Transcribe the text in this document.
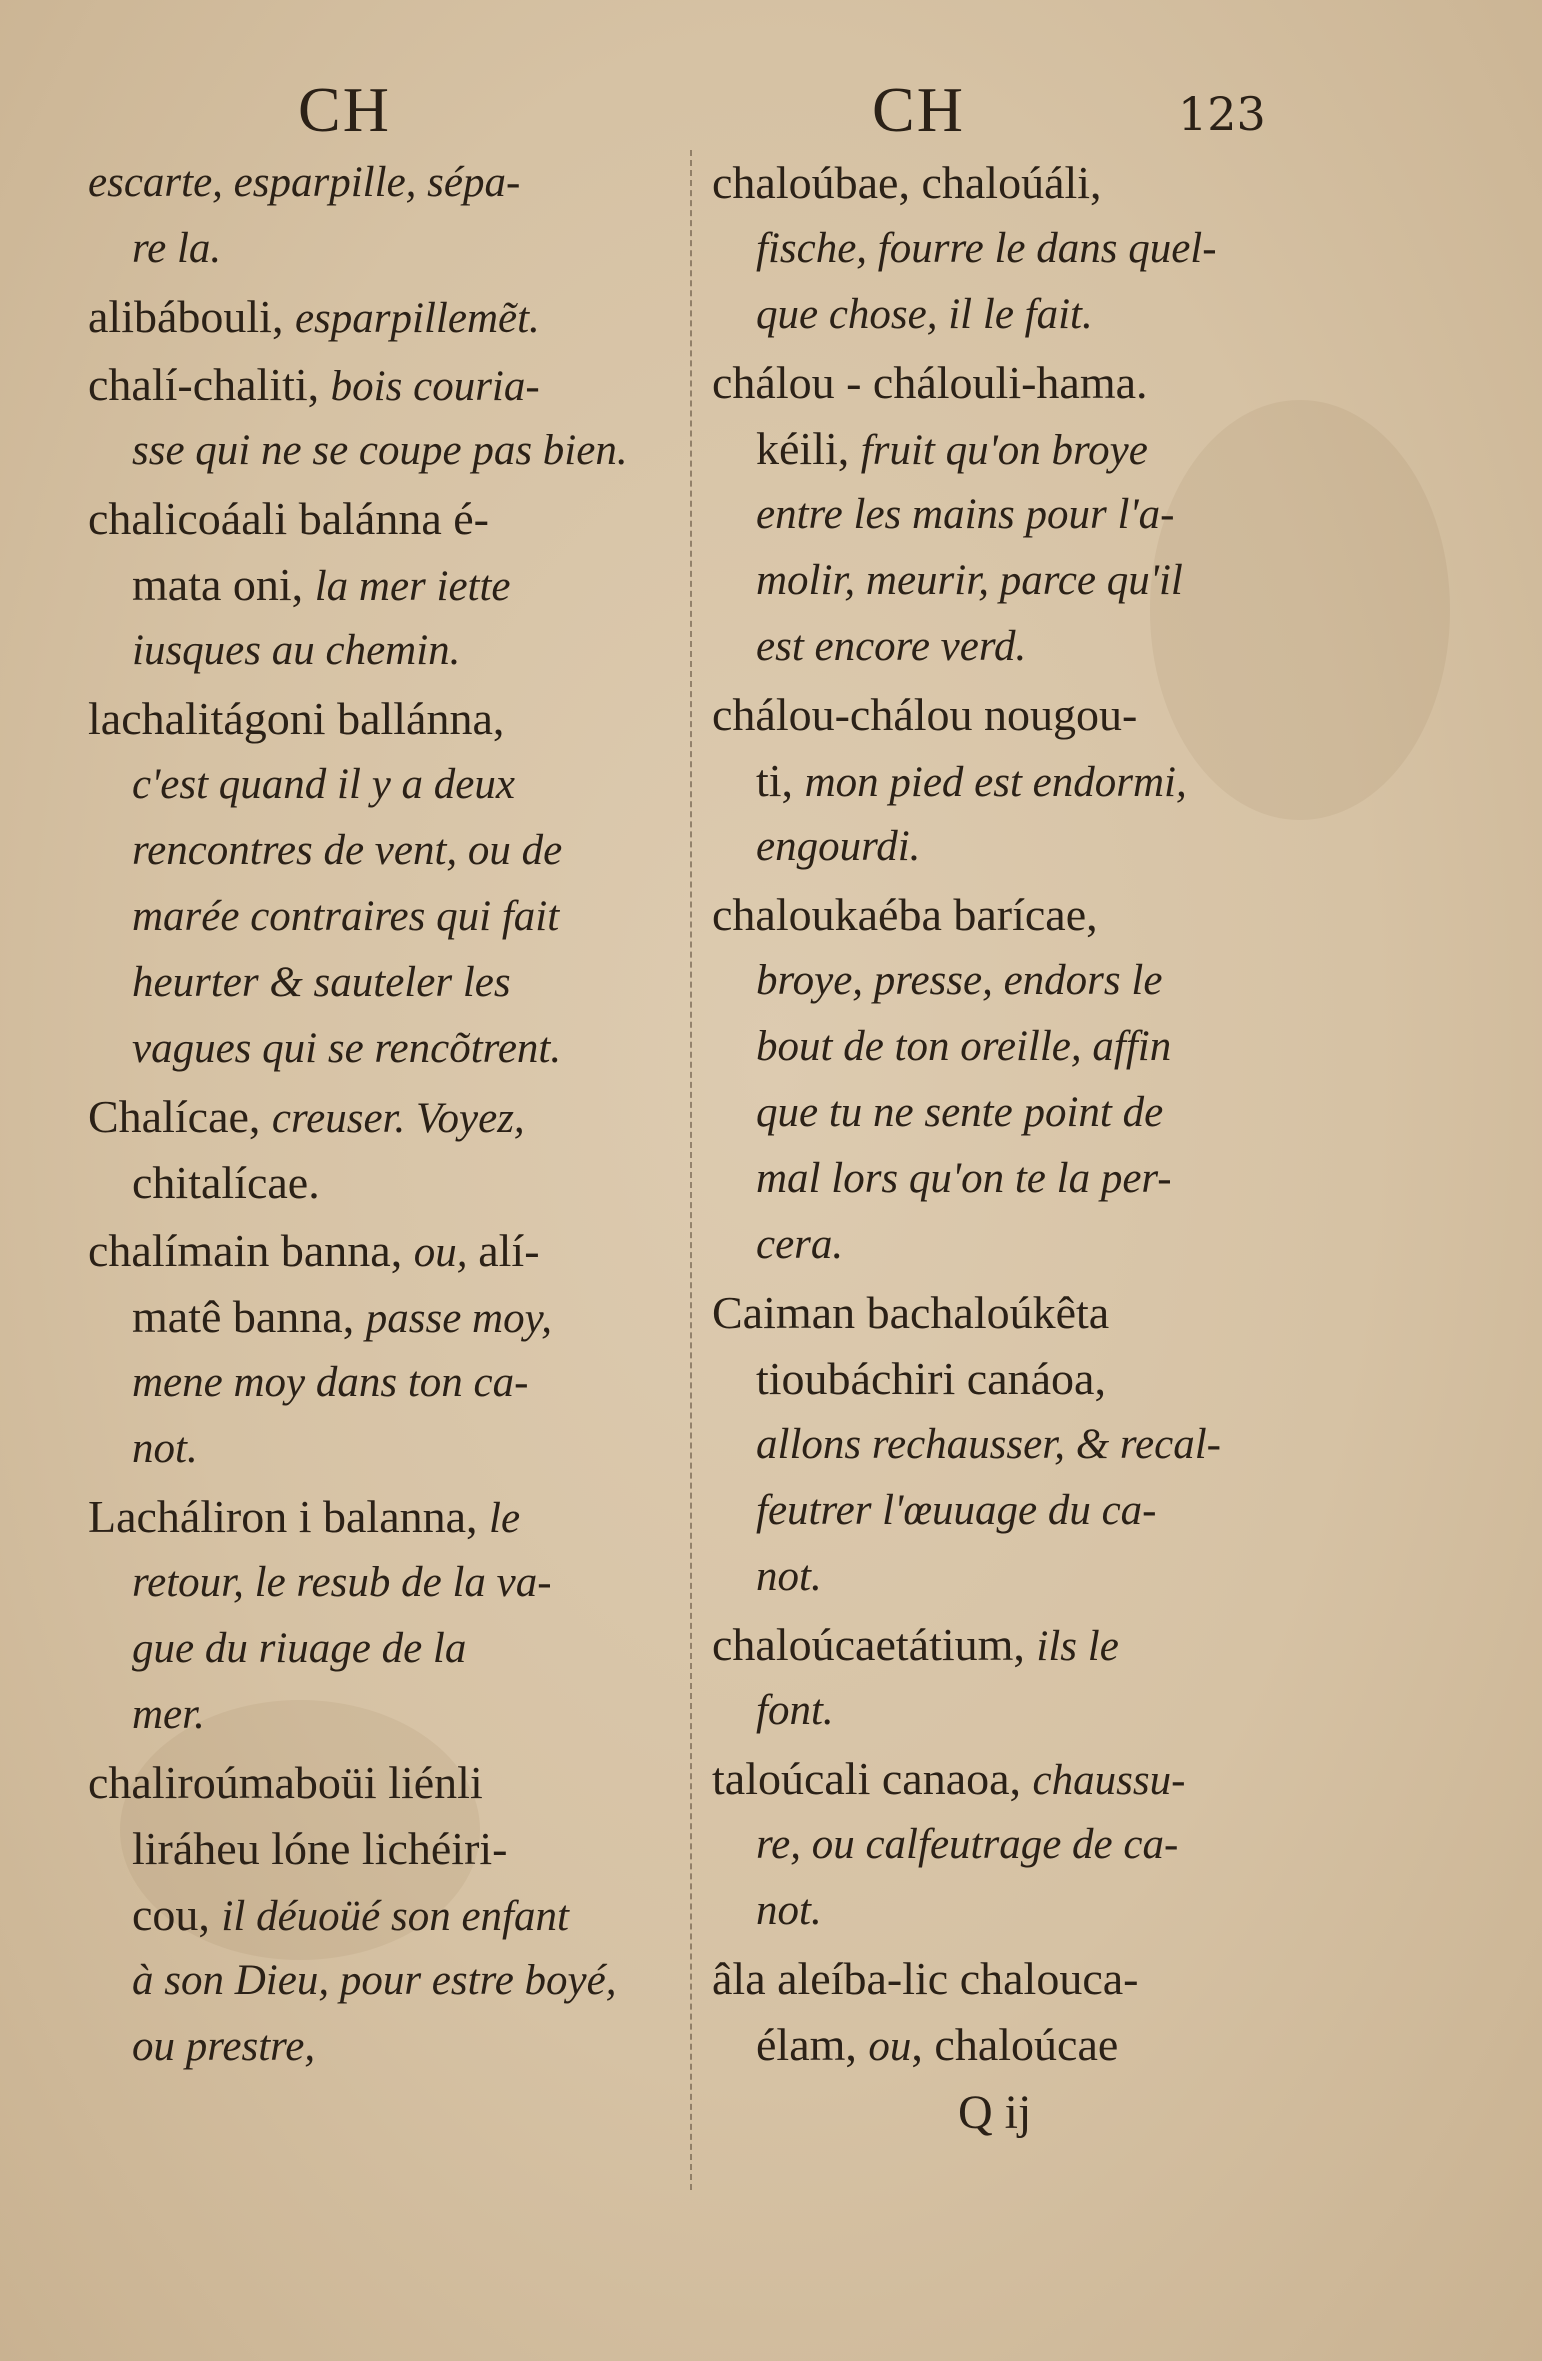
CH	CH	123
escarte, esparpille, sépa-
re la.
alibábouli, esparpillemẽt.
chalí-chaliti, bois couria-
sse qui ne se coupe pas bien.
chalicoáali balánna é-
mata oni, la mer iette
iusques au chemin.
lachalitágoni ballánna,
c'est quand il y a deux
rencontres de vent, ou de
marée contraires qui fait
heurter & sauteler les
vagues qui se rencõtrent.
Chalícae, creuser. Voyez,
chitalícae.
chalímain banna, ou, alí-
matê banna, passe moy,
mene moy dans ton ca-
not.
Lacháliron i balanna, le
retour, le resub de la va-
gue du riuage de la
mer.
chaliroúmaboüi liénli
liráheu lóne lichéiri-
cou, il déuoüé son enfant
à son Dieu, pour estre boyé,
ou prestre,
chaloúbae, chaloúáli,
fische, fourre le dans quel-
que chose, il le fait.
chálou - chálouli-hama.
kéili, fruit qu'on broye
entre les mains pour l'a-
molir, meurir, parce qu'il
est encore verd.
chálou-chálou nougou-
ti, mon pied est endormi,
engourdi.
chaloukaéba barícae,
broye, presse, endors le
bout de ton oreille, affin
que tu ne sente point de
mal lors qu'on te la per-
cera.
Caiman bachaloúkêta
tioubáchiri canáoa,
allons rechausser, & recal-
feutrer l'œuuage du ca-
not.
chaloúcaetátium, ils le
font.
taloúcali canaoa, chaussu-
re, ou calfeutrage de ca-
not.
âla aleíba-lic chalouca-
élam, ou, chaloúcae
Q ij
